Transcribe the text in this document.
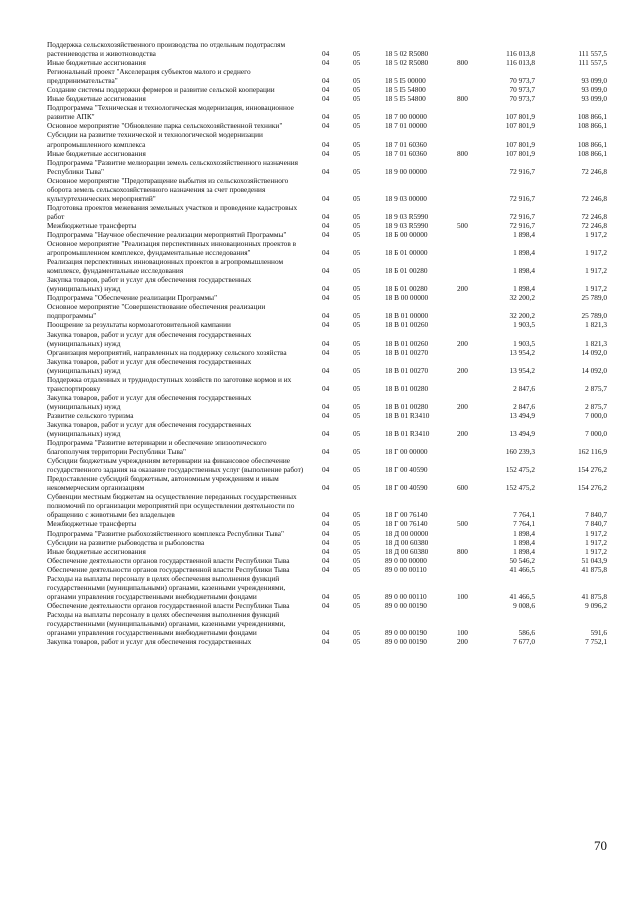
Поддержка сельскохозяйственного производства по отдельным подотраслям растениеводства и животноводства	04	05	18 5 02 R5080	116 013,8	111 557,5
Иные бюджетные ассигнования	04	05	18 5 02 R5080	800	116 013,8	111 557,5
Региональный проект "Акселерация субъектов малого и среднего предпринимательства"	04	05	18 5 I5 00000	70 973,7	93 099,0
Создание системы поддержки фермеров и развитие сельской кооперации	04	05	18 5 I5 54800	70 973,7	93 099,0
Иные бюджетные ассигнования	04	05	18 5 I5 54800	800	70 973,7	93 099,0
Подпрограмма "Техническая и технологическая модернизация, инновационное развитие АПК"	04	05	18 7 00 00000	107 801,9	108 866,1
Основное мероприятие "Обновление парка сельскохозяйственной техники"	04	05	18 7 01 00000	107 801,9	108 866,1
Субсидии на развитие технической и технологической модернизации агропромышленного комплекса	04	05	18 7 01 60360	107 801,9	108 866,1
Иные бюджетные ассигнования	04	05	18 7 01 60360	800	107 801,9	108 866,1
Подпрограмма "Развитие мелиорации земель сельскохозяйственного назначения Республики Тыва"	04	05	18 9 00 00000	72 916,7	72 246,8
Основное мероприятие "Предотвращение выбытия из сельскохозяйственного оборота земель сельскохозяйственного назначения за счет проведения культуртехнических мероприятий"	04	05	18 9 03 00000	72 916,7	72 246,8
Подготовка проектов межевания земельных участков и проведение кадастровых работ	04	05	18 9 03 R5990	72 916,7	72 246,8
Межбюджетные трансферты	04	05	18 9 03 R5990	500	72 916,7	72 246,8
Подпрограмма "Научное обеспечение реализации мероприятий Программы"	04	05	18 Б 00 00000	1 898,4	1 917,2
Основное мероприятие "Реализация перспективных инновационных проектов в агропромышленном комплексе, фундаментальные исследования"	04	05	18 Б 01 00000	1 898,4	1 917,2
Реализация перспективных инновационных проектов в агропромышленном комплексе, фундаментальные исследования	04	05	18 Б 01 00280	1 898,4	1 917,2
Закупка товаров, работ и услуг для обеспечения государственных (муниципальных) нужд	04	05	18 Б 01 00280	200	1 898,4	1 917,2
Подпрограмма "Обеспечение реализации Программы"	04	05	18 В 00 00000	32 200,2	25 789,0
Основное мероприятие "Совершенствование обеспечения реализации подпрограммы"	04	05	18 В 01 00000	32 200,2	25 789,0
Поощрение за результаты кормозаготовительной кампании	04	05	18 В 01 00260	1 903,5	1 821,3
Закупка товаров, работ и услуг для обеспечения государственных (муниципальных) нужд	04	05	18 В 01 00260	200	1 903,5	1 821,3
Организация мероприятий, направленных на поддержку сельского хозяйства	04	05	18 В 01 00270	13 954,2	14 092,0
Закупка товаров, работ и услуг для обеспечения государственных (муниципальных) нужд	04	05	18 В 01 00270	200	13 954,2	14 092,0
Поддержка отдаленных и труднодоступных хозяйств по заготовке кормов и их транспортировку	04	05	18 В 01 00280	2 847,6	2 875,7
Закупка товаров, работ и услуг для обеспечения государственных (муниципальных) нужд	04	05	18 В 01 00280	200	2 847,6	2 875,7
Развитие сельского туризма	04	05	18 В 01 R3410	13 494,9	7 000,0
Закупка товаров, работ и услуг для обеспечения государственных (муниципальных) нужд	04	05	18 В 01 R3410	200	13 494,9	7 000,0
Подпрограмма "Развитие ветеринарии и обеспечение эпизоотического благополучия территории Республики Тыва"	04	05	18 Г 00 00000	160 239,3	162 116,9
Субсидии бюджетным учреждениям ветеринарии на финансовое обеспечение государственного задания на оказание государственных услуг (выполнение работ)	04	05	18 Г 00 40590	152 475,2	154 276,2
Предоставление субсидий бюджетным, автономным учреждениям и иным некоммерческим организациям	04	05	18 Г 00 40590	600	152 475,2	154 276,2
Субвенции местным бюджетам на осуществление переданных государственных полномочий по организации мероприятий при осуществлении деятельности по обращению с животными без владельцев	04	05	18 Г 00 76140	7 764,1	7 840,7
Межбюджетные трансферты	04	05	18 Г 00 76140	500	7 764,1	7 840,7
Подпрограмма "Развитие рыбохозяйственного комплекса Республики Тыва"	04	05	18 Д 00 00000	1 898,4	1 917,2
Субсидии на развитие рыбоводства и рыболовства	04	05	18 Д 00 60380	1 898,4	1 917,2
Иные бюджетные ассигнования	04	05	18 Д 00 60380	800	1 898,4	1 917,2
Обеспечение деятельности органов государственной власти Республики Тыва	04	05	89 0 00 00000	50 546,2	51 043,9
Обеспечение деятельности органов государственной власти Республики Тыва	04	05	89 0 00 00110	41 466,5	41 875,8
Расходы на выплаты персоналу в целях обеспечения выполнения функций государственными (муниципальными) органами, казенными учреждениями, органами управления государственными внебюджетными фондами	04	05	89 0 00 00110	100	41 466,5	41 875,8
Обеспечение деятельности органов государственной власти Республики Тыва	04	05	89 0 00 00190	9 008,6	9 096,2
Расходы на выплаты персоналу в целях обеспечения выполнения функций государственными (муниципальными) органами, казенными учреждениями, органами управления государственными внебюджетными фондами	04	05	89 0 00 00190	100	586,6	591,6
Закупка товаров, работ и услуг для обеспечения государственных	04	05	89 0 00 00190	200	7 677,0	7 752,1
70
